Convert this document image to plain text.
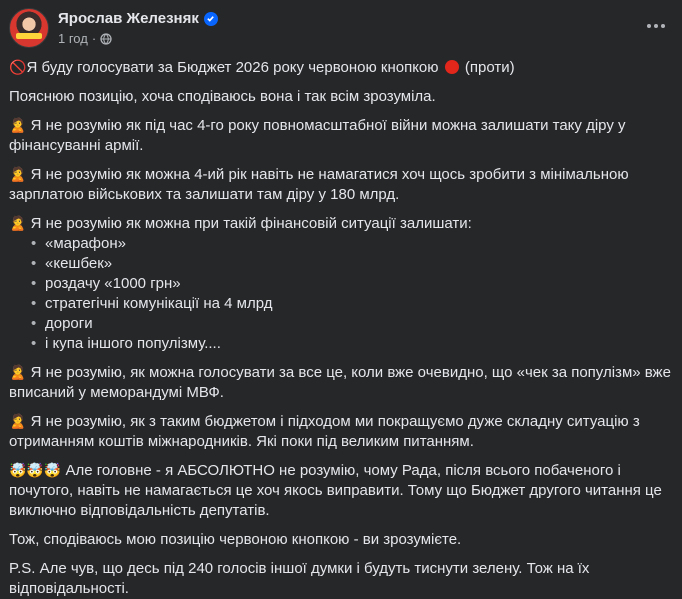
Ярослав Железняк
1 год ·

🚫Я буду голосувати за Бюджет 2026 року червоною кнопкою  (проти)

Пояснюю позицію, хоча сподіваюсь вона і так всім зрозуміла.

🙎 Я не розумію як під час 4-го року повномасштабної війни можна залишати таку діру у фінансуванні армії.

🙎 Я не розумію як можна 4-ий рік навіть не намагатися хоч щось зробити з мінімальною зарплатою військових та залишати там діру у 180 млрд.

🙎 Я не розумію як можна при такій фінансовій ситуації залишати:

• «марафон»
• «кешбек»
• роздачу «1000 грн»
• стратегічні комунікації на 4 млрд
• дороги
• і купа іншого популізму....

🙎 Я не розумію, як можна голосувати за все це, коли вже очевидно, що «чек за популізм» вже вписаний у меморандумі МВФ.

🙎 Я не розумію, як з таким бюджетом і підходом ми покращуємо дуже складну ситуацію з отриманням коштів міжнародників. Які поки під великим питанням.

🤯🤯🤯 Але головне - я АБСОЛЮТНО не розумію, чому Рада, після всього побаченого і почутого, навіть не намагається це хоч якось виправити. Тому що Бюджет другого читання це виключно відповідальність депутатів.

Тож, сподіваюсь мою позицію червоною кнопкою - ви зрозумієте.

P.S. Але чув, що десь під 240 голосів іншої думки і будуть тиснути зелену. Тож на їх відповідальності.
